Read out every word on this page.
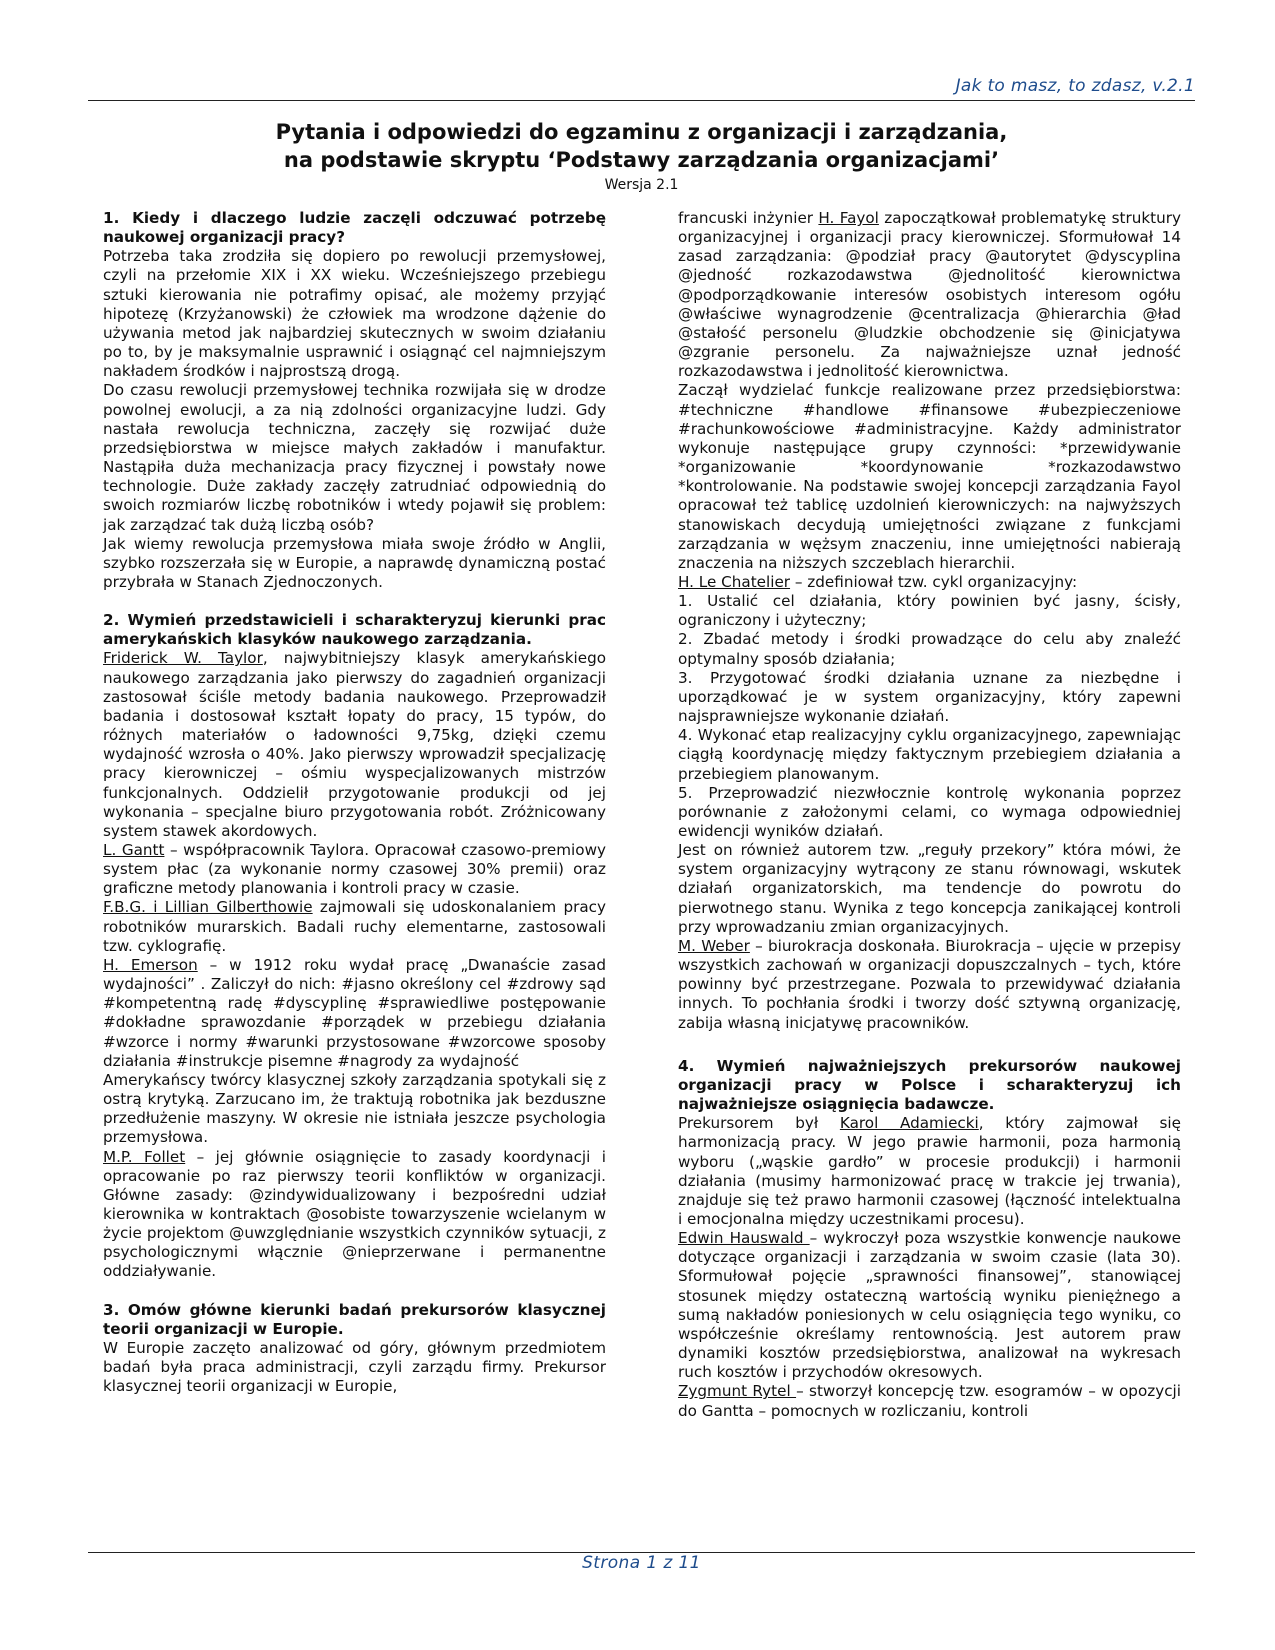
Jak to masz, to zdasz, v.2.1
Pytania i odpowiedzi do egzaminu z organizacji i zarządzania,
na podstawie skryptu ‘Podstawy zarządzania organizacjami’
Wersja 2.1

1. Kiedy i dlaczego ludzie zaczęli odczuwać potrzebę naukowej organizacji pracy?

Potrzeba taka zrodziła się dopiero po rewolucji przemysłowej, czyli na przełomie XIX i XX wieku. Wcześniejszego przebiegu sztuki kierowania nie potrafimy opisać, ale możemy przyjąć hipotezę (Krzyżanowski) że człowiek ma wrodzone dążenie do używania metod jak najbardziej skutecznych w swoim działaniu po to, by je maksymalnie usprawnić i osiągnąć cel najmniejszym nakładem środków i najprostszą drogą.

Do czasu rewolucji przemysłowej technika rozwijała się w drodze powolnej ewolucji, a za nią zdolności organizacyjne ludzi. Gdy nastała rewolucja techniczna, zaczęły się rozwijać duże przedsiębiorstwa w miejsce małych zakładów i manufaktur. Nastąpiła duża mechanizacja pracy fizycznej i powstały nowe technologie. Duże zakłady zaczęły zatrudniać odpowiednią do swoich rozmiarów liczbę robotników i wtedy pojawił się problem: jak zarządzać tak dużą liczbą osób?

Jak wiemy rewolucja przemysłowa miała swoje źródło w Anglii, szybko rozszerzała się w Europie, a naprawdę dynamiczną postać przybrała w Stanach Zjednoczonych.

2. Wymień przedstawicieli i scharakteryzuj kierunki prac amerykańskich klasyków naukowego zarządzania.

Friderick W. Taylor, najwybitniejszy klasyk amerykańskiego naukowego zarządzania jako pierwszy do zagadnień organizacji zastosował ściśle metody badania naukowego. Przeprowadził badania i dostosował kształt łopaty do pracy, 15 typów, do różnych materiałów o ładowności 9,75kg, dzięki czemu wydajność wzrosła o 40%. Jako pierwszy wprowadził specjalizację pracy kierowniczej – ośmiu wyspecjalizowanych mistrzów funkcjonalnych. Oddzielił przygotowanie produkcji od jej wykonania – specjalne biuro przygotowania robót. Zróżnicowany system stawek akordowych.

L. Gantt – współpracownik Taylora. Opracował czasowo-premiowy system płac (za wykonanie normy czasowej 30% premii) oraz graficzne metody planowania i kontroli pracy w czasie.

F.B.G. i Lillian Gilberthowie zajmowali się udoskonalaniem pracy robotników murarskich. Badali ruchy elementarne, zastosowali tzw. cyklografię.

H. Emerson – w 1912 roku wydał pracę „Dwanaście zasad wydajności” . Zaliczył do nich: #jasno określony cel #zdrowy sąd #kompetentną radę #dyscyplinę #sprawiedliwe postępowanie #dokładne sprawozdanie #porządek w przebiegu działania #wzorce i normy #warunki przystosowane #wzorcowe sposoby działania #instrukcje pisemne #nagrody za wydajność

Amerykańscy twórcy klasycznej szkoły zarządzania spotykali się z ostrą krytyką. Zarzucano im, że traktują robotnika jak bezduszne przedłużenie maszyny. W okresie nie istniała jeszcze psychologia przemysłowa.

M.P. Follet – jej głównie osiągnięcie to zasady koordynacji i opracowanie po raz pierwszy teorii konfliktów w organizacji. Główne zasady: @zindywidualizowany i bezpośredni udział kierownika w kontraktach @osobiste towarzyszenie wcielanym w życie projektom @uwzględnianie wszystkich czynników sytuacji, z psychologicznymi włącznie @nieprzerwane i permanentne oddziaływanie.

3. Omów główne kierunki badań prekursorów klasycznej teorii organizacji w Europie.

W Europie zaczęto analizować od góry, głównym przedmiotem badań była praca administracji, czyli zarządu firmy. Prekursor klasycznej teorii organizacji w Europie,

francuski inżynier H. Fayol zapoczątkował problematykę struktury organizacyjnej i organizacji pracy kierowniczej. Sformułował 14 zasad zarządzania: @podział pracy @autorytet @dyscyplina @jedność rozkazodawstwa @jednolitość kierownictwa @podporządkowanie interesów osobistych interesom ogółu @właściwe wynagrodzenie @centralizacja @hierarchia @ład @stałość personelu @ludzkie obchodzenie się @inicjatywa @zgranie personelu. Za najważniejsze uznał jedność rozkazodawstwa i jednolitość kierownictwa.

Zaczął wydzielać funkcje realizowane przez przedsiębiorstwa: #techniczne #handlowe #finansowe #ubezpieczeniowe #rachunkowościowe #administracyjne. Każdy administrator wykonuje następujące grupy czynności: *przewidywanie *organizowanie *koordynowanie *rozkazodawstwo *kontrolowanie. Na podstawie swojej koncepcji zarządzania Fayol opracował też tablicę uzdolnień kierowniczych: na najwyższych stanowiskach decydują umiejętności związane z funkcjami zarządzania w wężsym znaczeniu, inne umiejętności nabierają znaczenia na niższych szczeblach hierarchii.

H. Le Chatelier – zdefiniował tzw. cykl organizacyjny:

1. Ustalić cel działania, który powinien być jasny, ścisły, ograniczony i użyteczny;

2. Zbadać metody i środki prowadzące do celu aby znaleźć optymalny sposób działania;

3. Przygotować środki działania uznane za niezbędne i uporządkować je w system organizacyjny, który zapewni najsprawniejsze wykonanie działań.

4. Wykonać etap realizacyjny cyklu organizacyjnego, zapewniając ciągłą koordynację między faktycznym przebiegiem działania a przebiegiem planowanym.

5. Przeprowadzić niezwłocznie kontrolę wykonania poprzez porównanie z założonymi celami, co wymaga odpowiedniej ewidencji wyników działań.

Jest on również autorem tzw. „reguły przekory” która mówi, że system organizacyjny wytrącony ze stanu równowagi, wskutek działań organizatorskich, ma tendencje do powrotu do pierwotnego stanu. Wynika z tego koncepcja zanikającej kontroli przy wprowadzaniu zmian organizacyjnych.

M. Weber – biurokracja doskonała. Biurokracja – ujęcie w przepisy wszystkich zachowań w organizacji dopuszczalnych – tych, które powinny być przestrzegane. Pozwala to przewidywać działania innych. To pochłania środki i tworzy dość sztywną organizację, zabija własną inicjatywę pracowników.

4. Wymień najważniejszych prekursorów naukowej organizacji pracy w Polsce i scharakteryzuj ich najważniejsze osiągnięcia badawcze.

Prekursorem był Karol Adamiecki, który zajmował się harmonizacją pracy. W jego prawie harmonii, poza harmonią wyboru („wąskie gardło” w procesie produkcji) i harmonii działania (musimy harmonizować pracę w trakcie jej trwania), znajduje się też prawo harmonii czasowej (łączność intelektualna i emocjonalna między uczestnikami procesu).

Edwin Hauswald – wykroczył poza wszystkie konwencje naukowe dotyczące organizacji i zarządzania w swoim czasie (lata 30). Sformułował pojęcie „sprawności finansowej”, stanowiącej stosunek między ostateczną wartością wyniku pieniężnego a sumą nakładów poniesionych w celu osiągnięcia tego wyniku, co współcześnie określamy rentownością. Jest autorem praw dynamiki kosztów przedsiębiorstwa, analizował na wykresach ruch kosztów i przychodów okresowych.

Zygmunt Rytel – stworzył koncepcję tzw. esogramów – w opozycji do Gantta – pomocnych w rozliczaniu, kontroli

Strona 1 z 11
